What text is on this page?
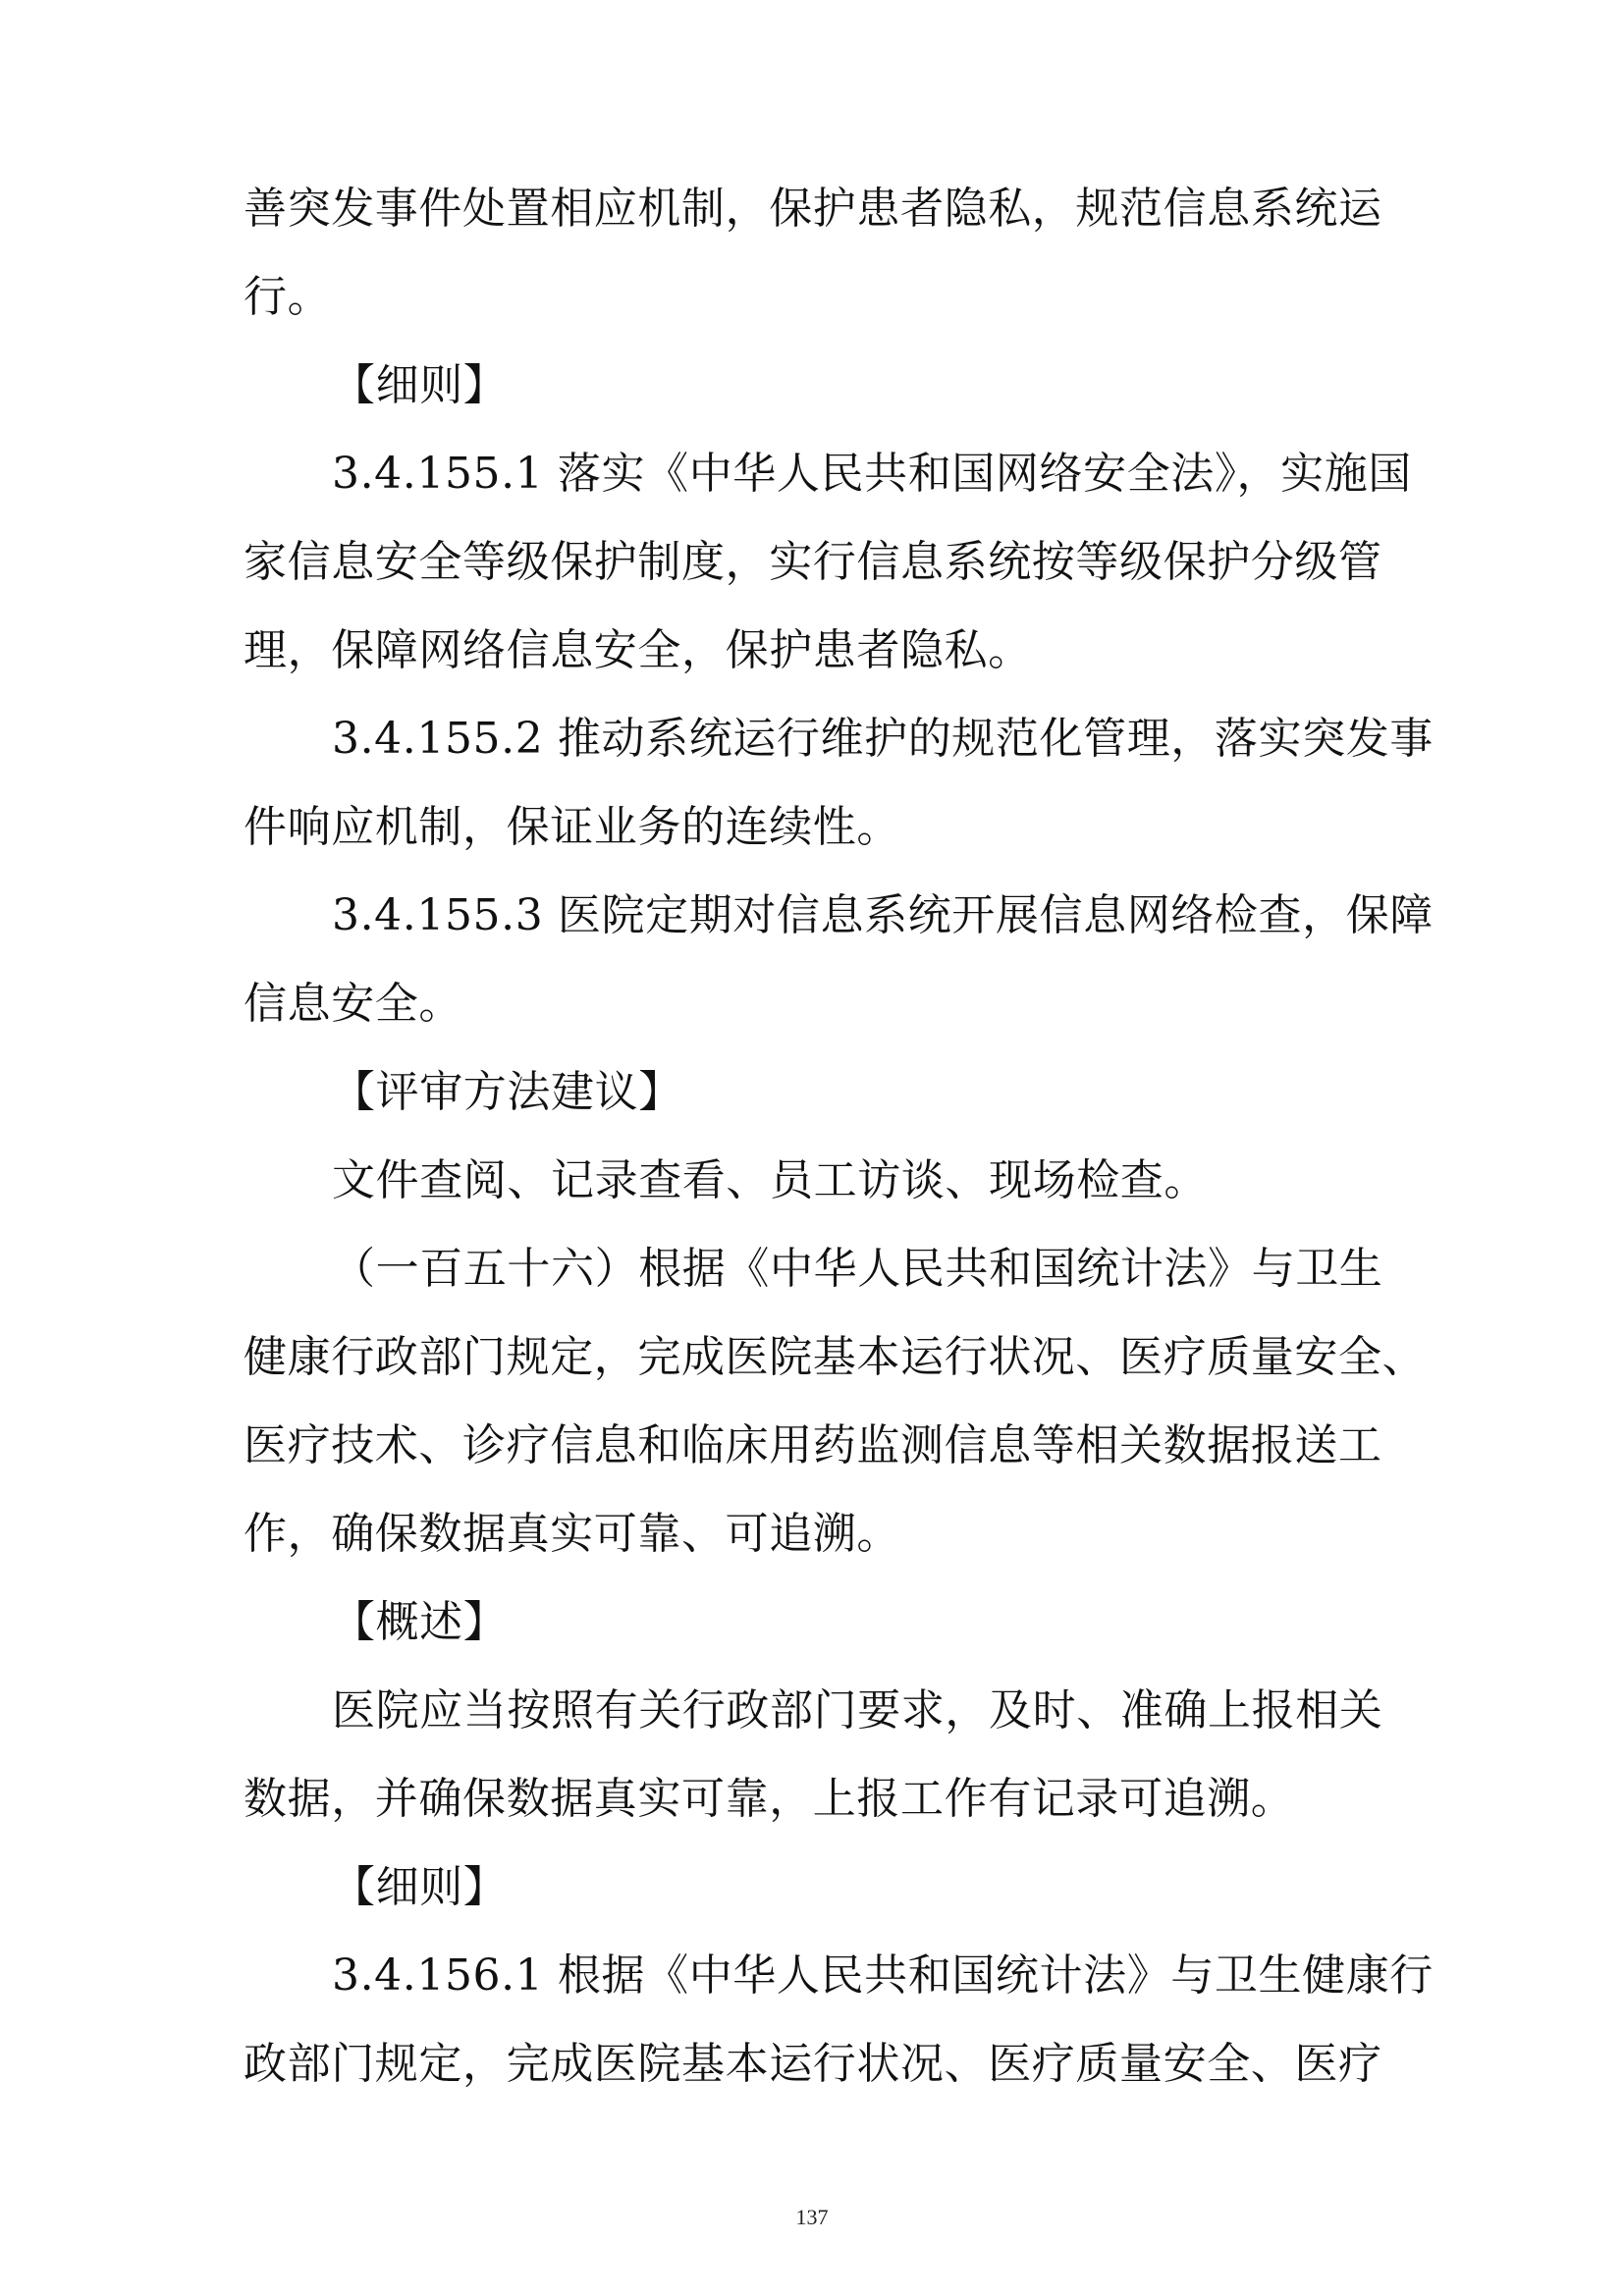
善突发事件处置相应机制，保护患者隐私，规范信息系统运
行。
【细则】
3.4.155.1 落实《中华人民共和国网络安全法》，实施国
家信息安全等级保护制度，实行信息系统按等级保护分级管
理，保障网络信息安全，保护患者隐私。
3.4.155.2 推动系统运行维护的规范化管理，落实突发事
件响应机制，保证业务的连续性。
3.4.155.3 医院定期对信息系统开展信息网络检查，保障
信息安全。
【评审方法建议】
文件查阅、记录查看、员工访谈、现场检查。
（一百五十六）根据《中华人民共和国统计法》与卫生
健康行政部门规定，完成医院基本运行状况、医疗质量安全、
医疗技术、诊疗信息和临床用药监测信息等相关数据报送工
作，确保数据真实可靠、可追溯。
【概述】
医院应当按照有关行政部门要求，及时、准确上报相关
数据，并确保数据真实可靠，上报工作有记录可追溯。
【细则】
3.4.156.1 根据《中华人民共和国统计法》与卫生健康行
政部门规定，完成医院基本运行状况、医疗质量安全、医疗
137
